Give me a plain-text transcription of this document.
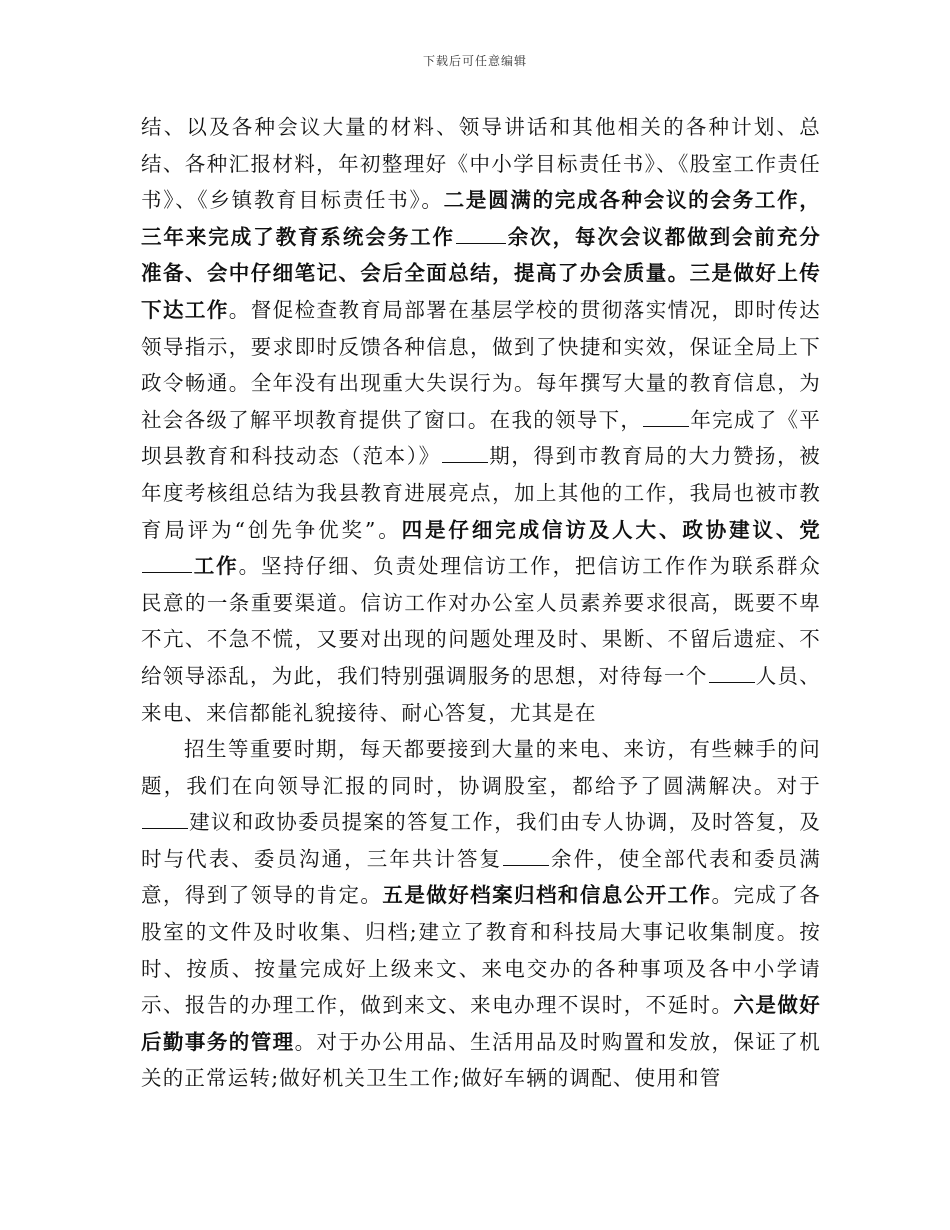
下载后可任意编辑

结、以及各种会议大量的材料、领导讲话和其他相关的各种计划、总结、各种汇报材料，年初整理好《中小学目标责任书》、《股室工作责任书》、《乡镇教育目标责任书》。二是圆满的完成各种会议的会务工作，三年来完成了教育系统会务工作	余次，每次会议都做到会前充分准备、会中仔细笔记、会后全面总结，提高了办会质量。三是做好上传下达工作。督促检查教育局部署在基层学校的贯彻落实情况，即时传达领导指示，要求即时反馈各种信息，做到了快捷和实效，保证全局上下政令畅通。全年没有出现重大失误行为。每年撰写大量的教育信息，为社会各级了解平坝教育提供了窗口。在我的领导下， 年完成了《平坝县教育和科技动态（范本）》 期，得到市教育局的大力赞扬，被年度考核组总结为我县教育进展亮点，加上其他的工作，我局也被市教育局评为“创先争优奖”。四是仔细完成信访及人大、政协建议、党工作。坚持仔细、负责处理信访工作，把信访工作作为联系群众民意的一条重要渠道。信访工作对办公室人员素养要求很高，既要不卑不亢、不急不慌，又要对出现的问题处理及时、果断、不留后遗症、不给领导添乱，为此，我们特别强调服务的思想，对待每一个 人员、来电、来信都能礼貌接待、耐心答复，尤其是在

招生等重要时期，每天都要接到大量的来电、来访，有些棘手的问题，我们在向领导汇报的同时，协调股室，都给予了圆满解决。对于建议和政协委员提案的答复工作，我们由专人协调，及时答复，及时与代表、委员沟通，三年共计答复 余件，使全部代表和委员满意，得到了领导的肯定。五是做好档案归档和信息公开工作。完成了各股室的文件及时收集、归档;建立了教育和科技局大事记收集制度。按时、按质、按量完成好上级来文、来电交办的各种事项及各中小学请示、报告的办理工作，做到来文、来电办理不误时，不延时。六是做好后勤事务的管理。对于办公用品、生活用品及时购置和发放，保证了机关的正常运转;做好机关卫生工作;做好车辆的调配、使用和管
